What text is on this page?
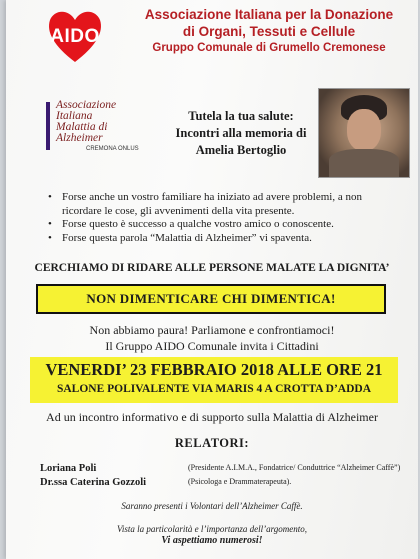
AIDO
Associazione Italiana per la Donazione
di Organi, Tessuti e Cellule
Gruppo Comunale di Grumello Cremonese
Associazione
Italiana
Malattia di
Alzheimer
CREMONA ONLUS
Tutela la tua salute:
Incontri alla memoria di
Amelia Bertoglio
• Forse anche un vostro familiare ha iniziato ad avere problemi, a non ricordare le cose, gli avvenimenti della vita presente.
• Forse questo è successo a qualche vostro amico o conoscente.
• Forse questa parola “Malattia di Alzheimer” vi spaventa.
CERCHIAMO DI RIDARE ALLE PERSONE MALATE LA DIGNITA’
NON DIMENTICARE CHI DIMENTICA!
Non abbiamo paura! Parliamone e confrontiamoci!
Il Gruppo AIDO Comunale invita i Cittadini
VENERDI’ 23 FEBBRAIO 2018 ALLE ORE 21
SALONE POLIVALENTE VIA MARIS 4 A CROTTA D’ADDA
Ad un incontro informativo e di supporto sulla Malattia di Alzheimer
RELATORI:
Loriana Poli	(Presidente A.I.M.A., Fondatrice/ Conduttrice “Alzheimer Caffè”)
Dr.ssa Caterina Gozzoli	(Psicologa e Drammaterapeuta).
Saranno presenti i Volontari dell’Alzheimer Caffè.
Vista la particolarità e l’importanza dell’argomento,
Vi aspettiamo numerosi!
